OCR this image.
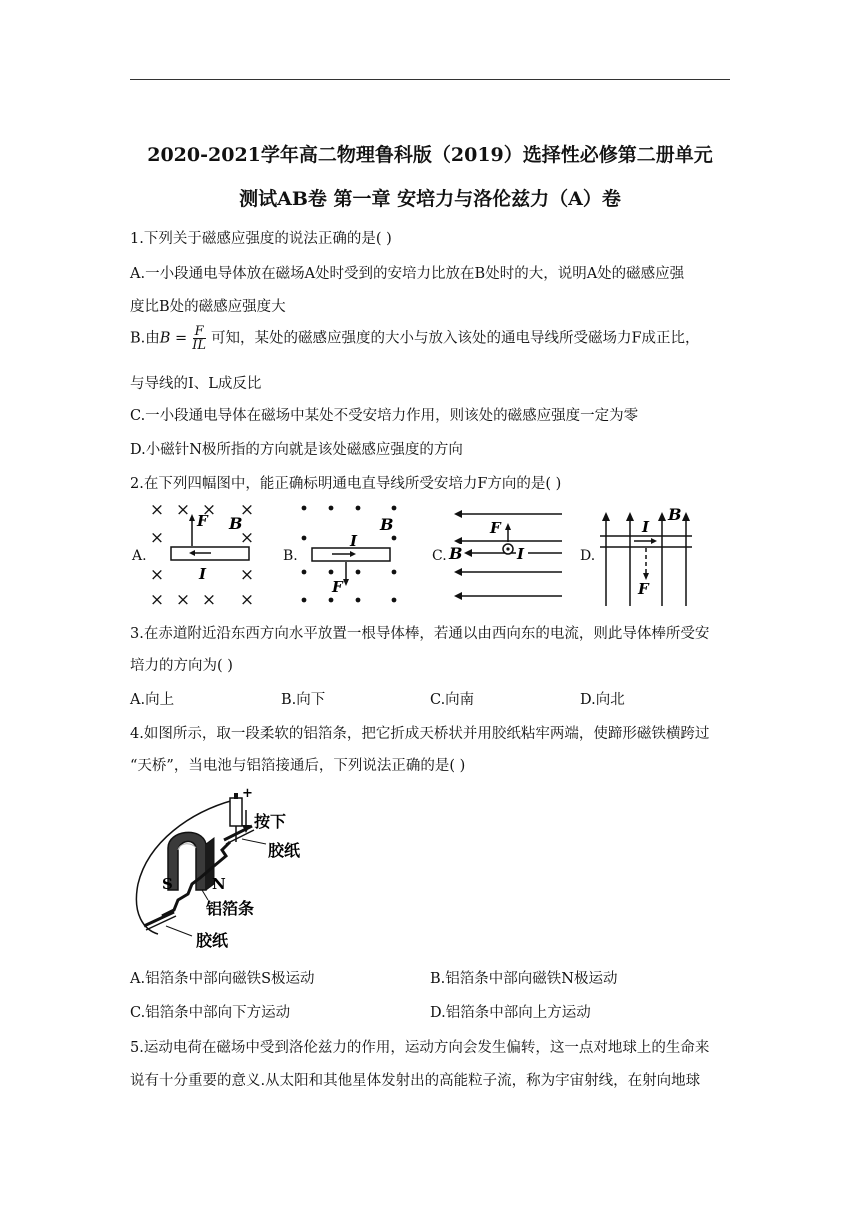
2020-2021学年高二物理鲁科版（2019）选择性必修第二册单元
测试AB卷 第一章 安培力与洛伦兹力（A）卷
1.下列关于磁感应强度的说法正确的是( )
A.一小段通电导体放在磁场A处时受到的安培力比放在B处时的大，说明A处的磁感应强
度比B处的磁感应强度大
B.由$B = \frac{F}{IL}$ 可知，某处的磁感应强度的大小与放入该处的通电导线所受磁场力F成正比，
与导线的I、L成反比
C.一小段通电导体在磁场中某处不受安培力作用，则该处的磁感应强度一定为零
D.小磁针N极所指的方向就是该处磁感应强度的方向
2.在下列四幅图中，能正确标明通电直导线所受安培力F方向的是( )
A.
× × × ×
×	×
×	×
× × × ×
F B
I
B.
I
F
B
C.
F
B	I	D.
I
B
F
3.在赤道附近沿东西方向水平放置一根导体棒，若通以由西向东的电流，则此导体棒所受安
培力的方向为( )
A.向上	B.向下	C.向南	D.向北
4.如图所示，取一段柔软的铝箔条，把它折成天桥状并用胶纸粘牢两端，使蹄形磁铁横跨过
“天桥”，当电池与铝箔接通后，下列说法正确的是( )
+
按下
胶纸
S	N
铝箔条
胶纸
A.铝箔条中部向磁铁S极运动	B.铝箔条中部向磁铁N极运动
C.铝箔条中部向下方运动	D.铝箔条中部向上方运动
5.运动电荷在磁场中受到洛伦兹力的作用，运动方向会发生偏转，这一点对地球上的生命来
说有十分重要的意义.从太阳和其他星体发射出的高能粒子流，称为宇宙射线，在射向地球
